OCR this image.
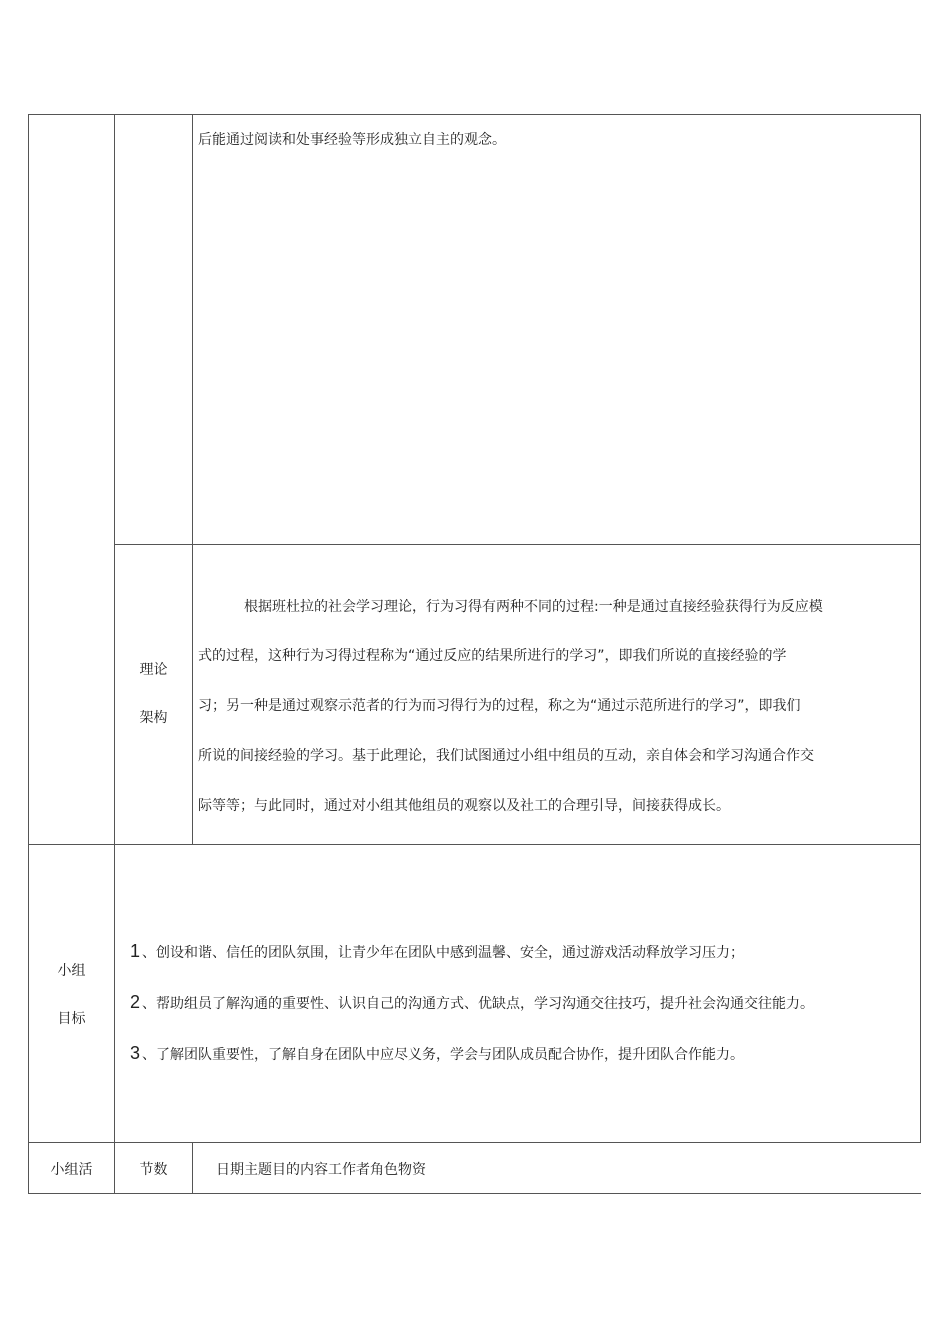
后能通过阅读和处事经验等形成独立自主的观念。
理论
架构
根据班杜拉的社会学习理论，行为习得有两种不同的过程:一种是通过直接经验获得行为反应模
式的过程，这种行为习得过程称为“通过反应的结果所进行的学习”，即我们所说的直接经验的学
习；另一种是通过观察示范者的行为而习得行为的过程，称之为“通过示范所进行的学习”，即我们
所说的间接经验的学习。基于此理论，我们试图通过小组中组员的互动，亲自体会和学习沟通合作交
际等等；与此同时，通过对小组其他组员的观察以及社工的合理引导，间接获得成长。
小组
目标
1 、创设和谐、信任的团队氛围，让青少年在团队中感到温馨、安全，通过游戏活动释放学习压力；
2 、帮助组员了解沟通的重要性、认识自己的沟通方式、优缺点，学习沟通交往技巧，提升社会沟通交往能力。
3 、了解团队重要性，了解自身在团队中应尽义务，学会与团队成员配合协作，提升团队合作能力。
小组活	节数	日期主题目的内容工作者角色物资
